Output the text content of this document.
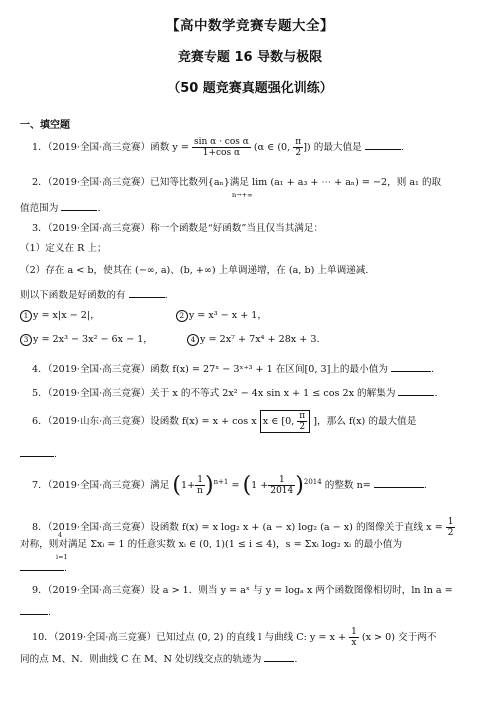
【高中数学竞赛专题大全】
竞赛专题 16 导数与极限
（50 题竞赛真题强化训练）
一、填空题
1．（2019·全国·高三竞赛）函数 $y = \frac{\text{sin α · cos α}}{\text{1+cos α}} (\alpha$ ∈ (0, $\frac{\pi}{2}$ ]) 的最大值是	.
2．（2019·全国·高三竞赛）已知等比数列{aₙ}满足 lim (a₁ + a₃ + ⋯ + aₙ) = −2，则 a₁ 的取
n→+∞
值范围为	.
3．（2019·全国·高三竞赛）称一个函数是“好函数”当且仅当其满足：
（1）定义在 R 上；
（2）存在 a < b，使其在 (−∞, a)、(b, +∞) 上单调递增，在 (a, b) 上单调递减.
则以下函数是好函数的有	.
1 y = x|x − 2|，	2 y = x³ − x + 1，
3 y = 2x³ − 3x² − 6x − 1，	4 y = 2x⁷ + 7x⁴ + 28x + 3.
4．（2019·全国·高三竞赛）函数 f(x) = 27ˣ − 3ˣ⁺³ + 1 在区间[0, 3]上的最小值为	.
5．（2019·全国·高三竞赛）关于 x 的不等式 2x² − 4x sin x + 1 ≤ cos 2x 的解集为	.
6．（2019·山东·高三竞赛）设函数 f(x) = x + cos x x ∈ [0, $\frac{\pi}{2}$ ]，那么 f(x) 的最大值是
.
7．（2019·全国·高三竞赛）满足 $(1+ \frac{1}{n} )^{n+1} = (1 + \frac{1}{2014} )^{2014}$ 的整数 n=	.
8．（2019·全国·高三竞赛）设函数 f(x) = x log₂ x + (a − x) log₂ (a − x) 的图像关于直线 $x = \frac{1}{2}$
对称，则对满足 Σxᵢ = 1 的任意实数 xᵢ ∈ (0, 1)(1 ≤ i ≤ 4)，s = Σxᵢ log₂ xᵢ 的最小值为
4
i=1
.
9．（2019·全国·高三竞赛）设 a > 1．则当 y = aˣ 与 y = logₐ x 两个函数图像相切时，ln ln a =
.
10．（2019·全国·高三竞赛）已知过点 (0, 2) 的直线 l 与曲线 C: $y = x + \frac{1}{x} (x > 0)$ 交于两不
同的点 M、N．则曲线 C 在 M、N 处切线交点的轨迹为	.
